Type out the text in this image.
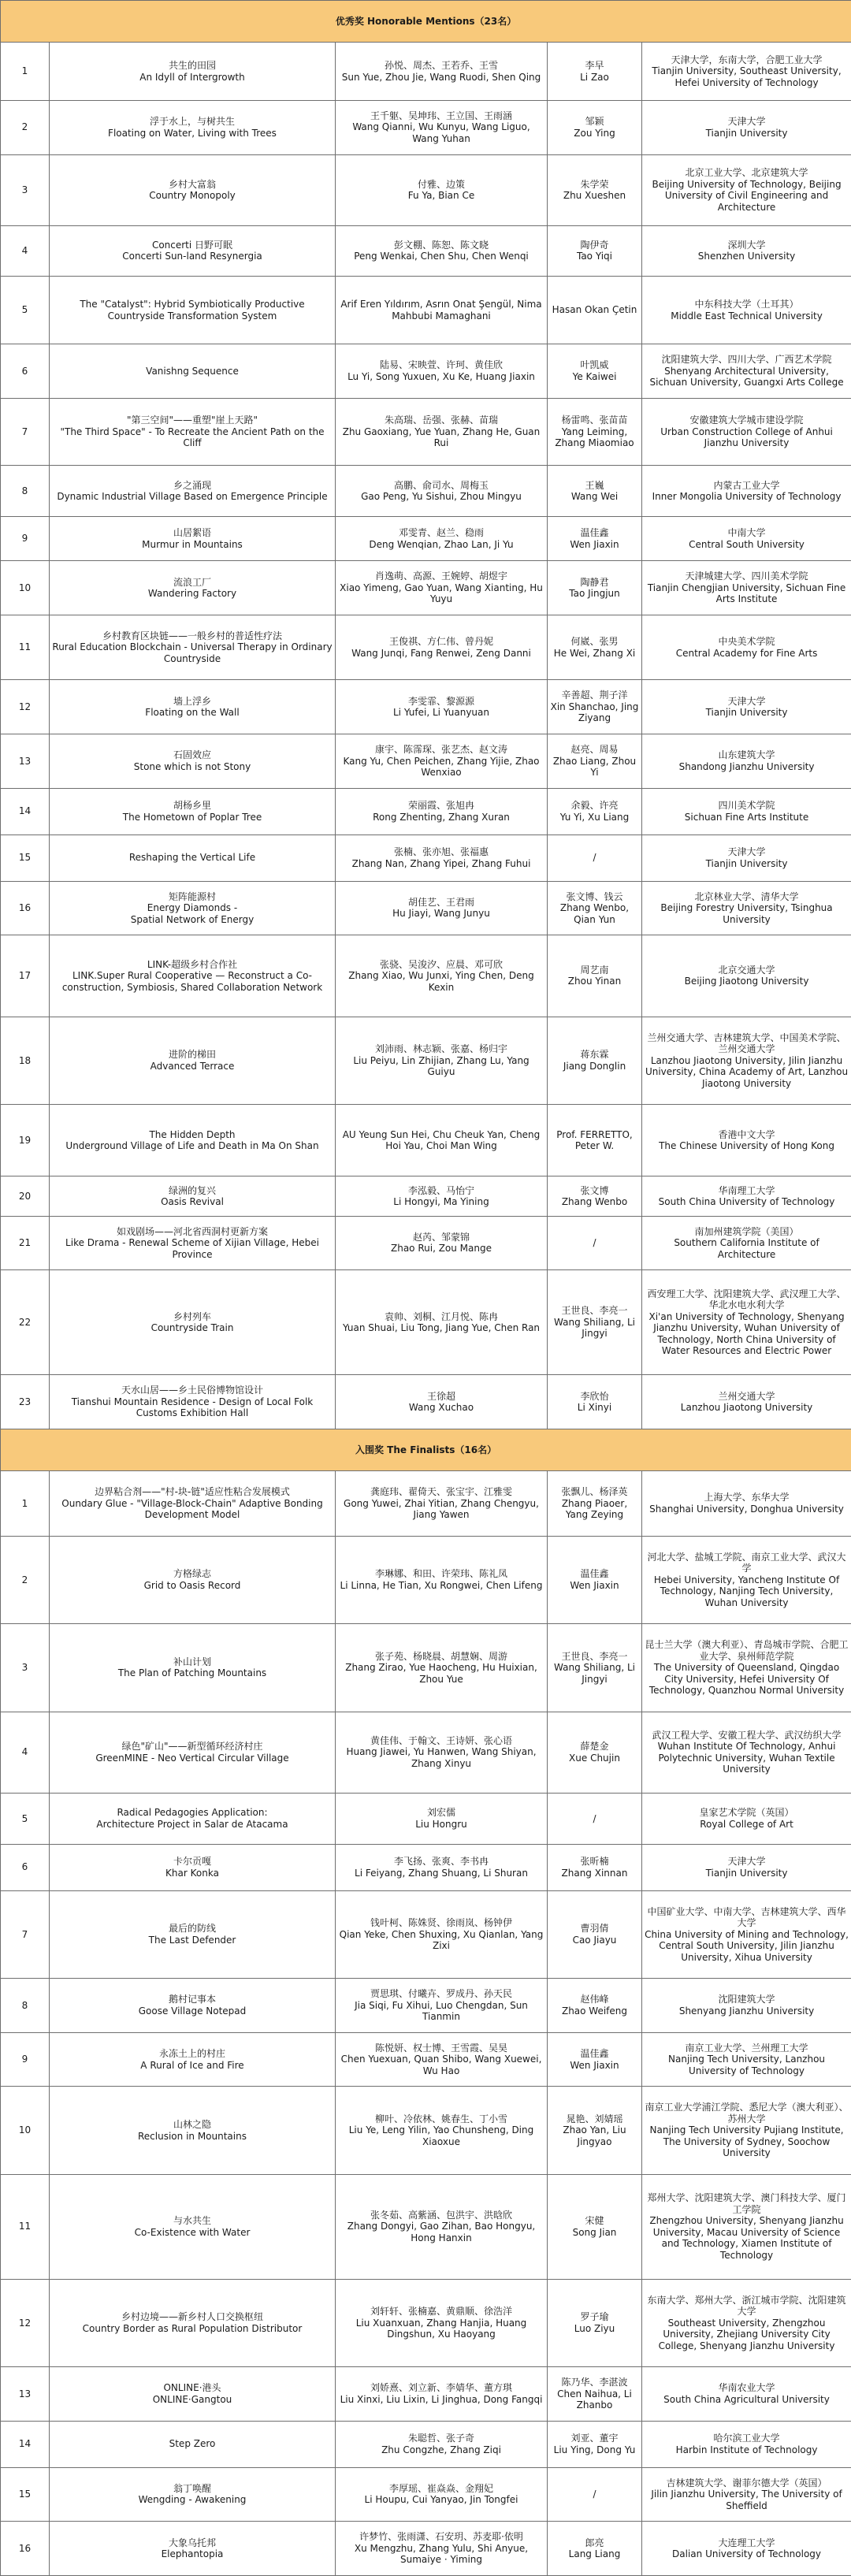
优秀奖 Honorable Mentions（23名）				
1	共生的田园
An Idyll of Intergrowth	孙悦、周杰、王若乔、王雪
Sun Yue, Zhou Jie, Wang Ruodi, Shen Qing	李早
Li Zao	天津大学，东南大学，合肥工业大学
Tianjin University, Southeast University, Hefei University of Technology
2	浮于水上，与树共生
Floating on Water, Living with Trees	王千躯、吴坤玮、王立国、王雨涵
Wang Qianni, Wu Kunyu, Wang Liguo, Wang Yuhan	邹颖
Zou Ying	天津大学
Tianjin University
3	乡村大富翁
Country Monopoly	付雅、边策
Fu Ya, Bian Ce	朱学荣
Zhu Xueshen	北京工业大学、北京建筑大学
Beijing University of Technology, Beijing University of Civil Engineering and Architecture
4	Concerti 日野可眠
Concerti Sun-land Resynergia	彭文棚、陈恕、陈文晓
Peng Wenkai, Chen Shu, Chen Wenqi	陶伊奇
Tao Yiqi	深圳大学
Shenzhen University
5	The "Catalyst": Hybrid Symbiotically Productive Countryside Transformation System	Arif Eren Yıldırım, Asrın Onat Şengül, Nima Mahbubi Mamaghani	Hasan Okan Çetin	中东科技大学（土耳其）
Middle East Technical University
6	Vanishng Sequence	陆易、宋映萱、许珂、黄佳欣
Lu Yi, Song Yuxuen, Xu Ke, Huang Jiaxin	叶凯威
Ye Kaiwei	沈阳建筑大学、四川大学、广西艺术学院
Shenyang Architectural University, Sichuan University, Guangxi Arts College
7	"第三空间"——重塑"崖上天路"
"The Third Space" - To Recreate the Ancient Path on the Cliff	朱高瑞、岳强、张赫、苗瑞
Zhu Gaoxiang, Yue Yuan, Zhang He, Guan Rui	杨雷鸣、张苗苗
Yang Leiming, Zhang Miaomiao	安徽建筑大学城市建设学院
Urban Construction College of Anhui Jianzhu University
8	乡之涌现
Dynamic Industrial Village Based on Emergence Principle	高鹏、俞司水、周梅玉
Gao Peng, Yu Sishui, Zhou Mingyu	王巍
Wang Wei	内蒙古工业大学
Inner Mongolia University of Technology
9	山居絮语
Murmur in Mountains	邓雯青、赵兰、稳雨
Deng Wenqian, Zhao Lan, Ji Yu	温佳鑫
Wen Jiaxin	中南大学
Central South University
10	流浪工厂
Wandering Factory	肖逸萌、高源、王婉婷、胡煜宇
Xiao Yimeng, Gao Yuan, Wang Xianting, Hu Yuyu	陶静君
Tao Jingjun	天津城建大学、四川美术学院
Tianjin Chengjian University, Sichuan Fine Arts Institute
11	乡村教育区块链——一般乡村的普适性疗法
Rural Education Blockchain - Universal Therapy in Ordinary Countryside	王俊祺、方仁伟、曾丹妮
Wang Junqi, Fang Renwei, Zeng Danni	何崴、张男
He Wei, Zhang Xi	中央美术学院
Central Academy for Fine Arts
12	墙上浮乡
Floating on the Wall	李雯霏、黎源源
Li Yufei, Li Yuanyuan	辛善超、荆子洋
Xin Shanchao, Jing Ziyang	天津大学
Tianjin University
13	石固效应
Stone which is not Stony	康宇、陈霈琛、张艺杰、赵文涛
Kang Yu, Chen Peichen, Zhang Yijie, Zhao Wenxiao	赵亮、周易
Zhao Liang, Zhou Yi	山东建筑大学
Shandong Jianzhu University
14	胡杨乡里
The Hometown of Poplar Tree	荣丽霞、张旭冉
Rong Zhenting, Zhang Xuran	余毅、许亮
Yu Yi, Xu Liang	四川美术学院
Sichuan Fine Arts Institute
15	Reshaping the Vertical Life	张楠、张亦旭、张福惠
Zhang Nan, Zhang Yipei, Zhang Fuhui	/	天津大学
Tianjin University
16	矩阵能源村
Energy Diamonds -
Spatial Network of Energy	胡佳艺、王君雨
Hu Jiayi, Wang Junyu	张文博、钱云
Zhang Wenbo, Qian Yun	北京林业大学、清华大学
Beijing Forestry University, Tsinghua University
17	LINK-超级乡村合作社
LINK.Super Rural Cooperative — Reconstruct a Co-construction, Symbiosis, Shared Collaboration Network	张骁、吴浚汐、应晨、邓可欣
Zhang Xiao, Wu Junxi, Ying Chen, Deng Kexin	周艺南
Zhou Yinan	北京交通大学
Beijing Jiaotong University
18	进阶的梯田
Advanced Terrace	刘沛雨、林志颖、张嘉、杨归宇
Liu Peiyu, Lin Zhijian, Zhang Lu, Yang Guiyu	蒋东霖
Jiang Donglin	兰州交通大学、吉林建筑大学、中国美术学院、兰州交通大学
Lanzhou Jiaotong University, Jilin Jianzhu University, China Academy of Art, Lanzhou Jiaotong University
19	The Hidden Depth
Underground Village of Life and Death in Ma On Shan	AU Yeung Sun Hei, Chu Cheuk Yan, Cheng Hoi Yau, Choi Man Wing	Prof. FERRETTO, Peter W.	香港中文大学
The Chinese University of Hong Kong
20	绿洲的复兴
Oasis Revival	李泓毅、马怡宁
Li Hongyi, Ma Yining	张文博
Zhang Wenbo	华南理工大学
South China University of Technology
21	如戏剧场——河北省西洞村更新方案
Like Drama - Renewal Scheme of Xijian Village, Hebei Province	赵芮、邹蒙锦
Zhao Rui, Zou Mange	/	南加州建筑学院（美国）
Southern California Institute of Architecture
22	乡村列车
Countryside Train	袁帅、刘桐、江月悦、陈冉
Yuan Shuai, Liu Tong, Jiang Yue, Chen Ran	王世良、李亮一
Wang Shiliang, Li Jingyi	西安理工大学、沈阳建筑大学、武汉理工大学、华北水电水利大学
Xi'an University of Technology, Shenyang Jianzhu University, Wuhan University of Technology, North China University of Water Resources and Electric Power
23	天水山居——乡土民俗博物馆设计
Tianshui Mountain Residence - Design of Local Folk Customs Exhibition Hall	王徐超
Wang Xuchao	李欣怡
Li Xinyi	兰州交通大学
Lanzhou Jiaotong University
入围奖 The Finalists（16名）				
1	边界粘合剂——"村-块-链"适应性粘合发展模式
Oundary Glue - "Village-Block-Chain" Adaptive Bonding Development Model	龚庭玮、翟倚天、张宝宇、江雅雯
Gong Yuwei, Zhai Yitian, Zhang Chengyu, Jiang Yawen	张飘儿、杨泽英
Zhang Piaoer, Yang Zeying	上海大学、东华大学
Shanghai University, Donghua University
2	方格绿志
Grid to Oasis Record	李琳娜、和田、许荣玮、陈礼凤
Li Linna, He Tian, Xu Rongwei, Chen Lifeng	温佳鑫
Wen Jiaxin	河北大学、盐城工学院、南京工业大学、武汉大学
Hebei University, Yancheng Institute Of Technology, Nanjing Tech University, Wuhan University
3	补山计划
The Plan of Patching Mountains	张子苑、杨晓晨、胡慧娴、周游
Zhang Zirao, Yue Haocheng, Hu Huixian, Zhou Yue	王世良、李亮一
Wang Shiliang, Li Jingyi	昆士兰大学（澳大利亚）、青岛城市学院、合肥工业大学、泉州师范学院
The University of Queensland, Qingdao City University, Hefei University Of Technology, Quanzhou Normal University
4	绿色"矿山"——新型循环经济村庄
GreenMINE - Neo Vertical Circular Village	黄佳伟、于翰文、王诗妍、张心语
Huang Jiawei, Yu Hanwen, Wang Shiyan, Zhang Xinyu	薛楚金
Xue Chujin	武汉工程大学、安徽工程大学、武汉纺织大学
Wuhan Institute Of Technology, Anhui Polytechnic University, Wuhan Textile University
5	Radical Pedagogies Application:
Architecture Project in Salar de Atacama	刘宏儒
Liu Hongru	/	皇家艺术学院（英国）
Royal College of Art
6	卡尔贡嘎
Khar Konka	李飞扬、张爽、李书冉
Li Feiyang, Zhang Shuang, Li Shuran	张昕楠
Zhang Xinnan	天津大学
Tianjin University
7	最后的防线
The Last Defender	钱叶柯、陈姝贤、徐雨岚、杨钟伊
Qian Yeke, Chen Shuxing, Xu Qianlan, Yang Zixi	曹羽倩
Cao Jiayu	中国矿业大学、中南大学、吉林建筑大学、西华大学
China University of Mining and Technology, Central South University, Jilin Jianzhu University, Xihua University
8	鹅村记事本
Goose Village Notepad	贾思琪、付曦卉、罗成丹、孙天民
Jia Siqi, Fu Xihui, Luo Chengdan, Sun Tianmin	赵伟峰
Zhao Weifeng	沈阳建筑大学
Shenyang Jianzhu University
9	永冻土上的村庄
A Rural of Ice and Fire	陈悦妍、权士博、王雪霞、吴昊
Chen Yuexuan, Quan Shibo, Wang Xuewei, Wu Hao	温佳鑫
Wen Jiaxin	南京工业大学、兰州理工大学
Nanjing Tech University, Lanzhou University of Technology
10	山林之隐
Reclusion in Mountains	柳叶、冷依林、姚春生、丁小雪
Liu Ye, Leng Yilin, Yao Chunsheng, Ding Xiaoxue	晁艳、刘婧瑶
Zhao Yan, Liu Jingyao	南京工业大学浦江学院、悉尼大学（澳大利亚）、苏州大学
Nanjing Tech University Pujiang Institute, The University of Sydney, Soochow University
11	与水共生
Co-Existence with Water	张冬茹、高紫涵、包洪宇、洪晗欣
Zhang Dongyi, Gao Zihan, Bao Hongyu, Hong Hanxin	宋健
Song Jian	郑州大学、沈阳建筑大学、澳门科技大学、厦门工学院
Zhengzhou University, Shenyang Jianzhu University, Macau University of Science and Technology, Xiamen Institute of Technology
12	乡村边境——新乡村人口交换枢纽
Country Border as Rural Population Distributor	刘轩轩、张楠嘉、黄鼎顺、徐浩洋
Liu Xuanxuan, Zhang Hanjia, Huang Dingshun, Xu Haoyang	罗子瑜
Luo Ziyu	东南大学、郑州大学、浙江城市学院、沈阳建筑大学
Southeast University, Zhengzhou University, Zhejiang University City College, Shenyang Jianzhu University
13	ONLINE·港头
ONLINE·Gangtou	刘娇熹、刘立新、李婧华、董方琪
Liu Xinxi, Liu Lixin, Li Jinghua, Dong Fangqi	陈乃华、李湛波
Chen Naihua, Li Zhanbo	华南农业大学
South China Agricultural University
14	Step Zero	朱聪哲、张子奇
Zhu Congzhe, Zhang Ziqi	刘亚、董宇
Liu Ying, Dong Yu	哈尔滨工业大学
Harbin Institute of Technology
15	翁丁唤醒
Wengding - Awakening	李厚瑶、崔焱焱、金翔妃
Li Houpu, Cui Yanyao, Jin Tongfei	/	吉林建筑大学、谢菲尔德大学（英国）
Jilin Jianzhu University, The University of Sheffield
16	大象乌托邦
Elephantopia	许梦竹、张雨潇、石安玥、苏麦耶·依明
Xu Mengzhu, Zhang Yulu, Shi Anyue, Sumaiye · Yiming	郎亮
Lang Liang	大连理工大学
Dalian University of Technology
